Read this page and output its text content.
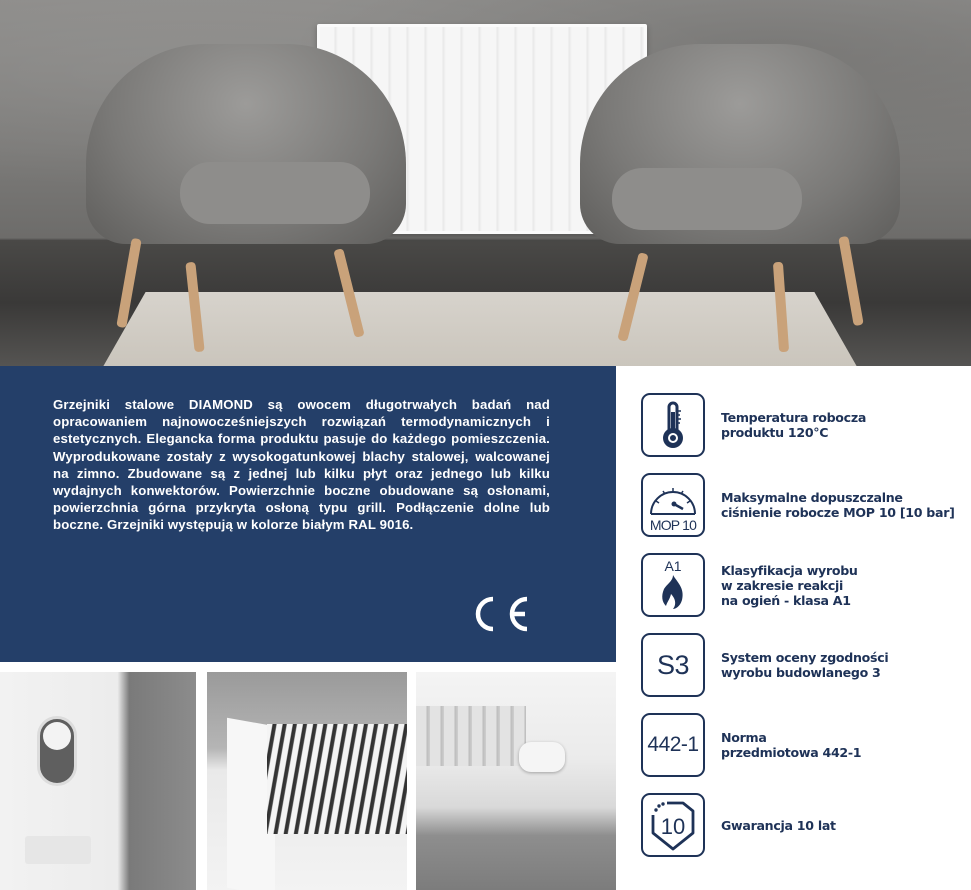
Grzejniki stalowe DIAMOND są owocem długotrwałych badań nad opracowaniem najnowocześniejszych rozwiązań termodynamicznych i estetycznych. Elegancka forma produktu pasuje do każdego pomieszczenia. Wyprodukowane zostały z wysokogatunkowej blachy stalowej, walcowanej na zimno. Zbudowane są z jednej lub kilku płyt oraz jednego lub kilku wydajnych konwektorów. Powierzchnie boczne obudowane są osłonami, powierzchnia górna przykryta osłoną typu grill. Podłączenie dolne lub boczne. Grzejniki występują w kolorze białym RAL 9016.

Temperatura robocza
produktu 120°C
MOP 10
Maksymalne dopuszczalne
ciśnienie robocze MOP 10 [10 bar]
A1	Klasyfikacja wyrobu
w zakresie reakcji
na ogień - klasa A1
S3	System oceny zgodności
wyrobu budowlanego 3
442-1 Norma
przedmiotowa 442-1
10	Gwarancja 10 lat
